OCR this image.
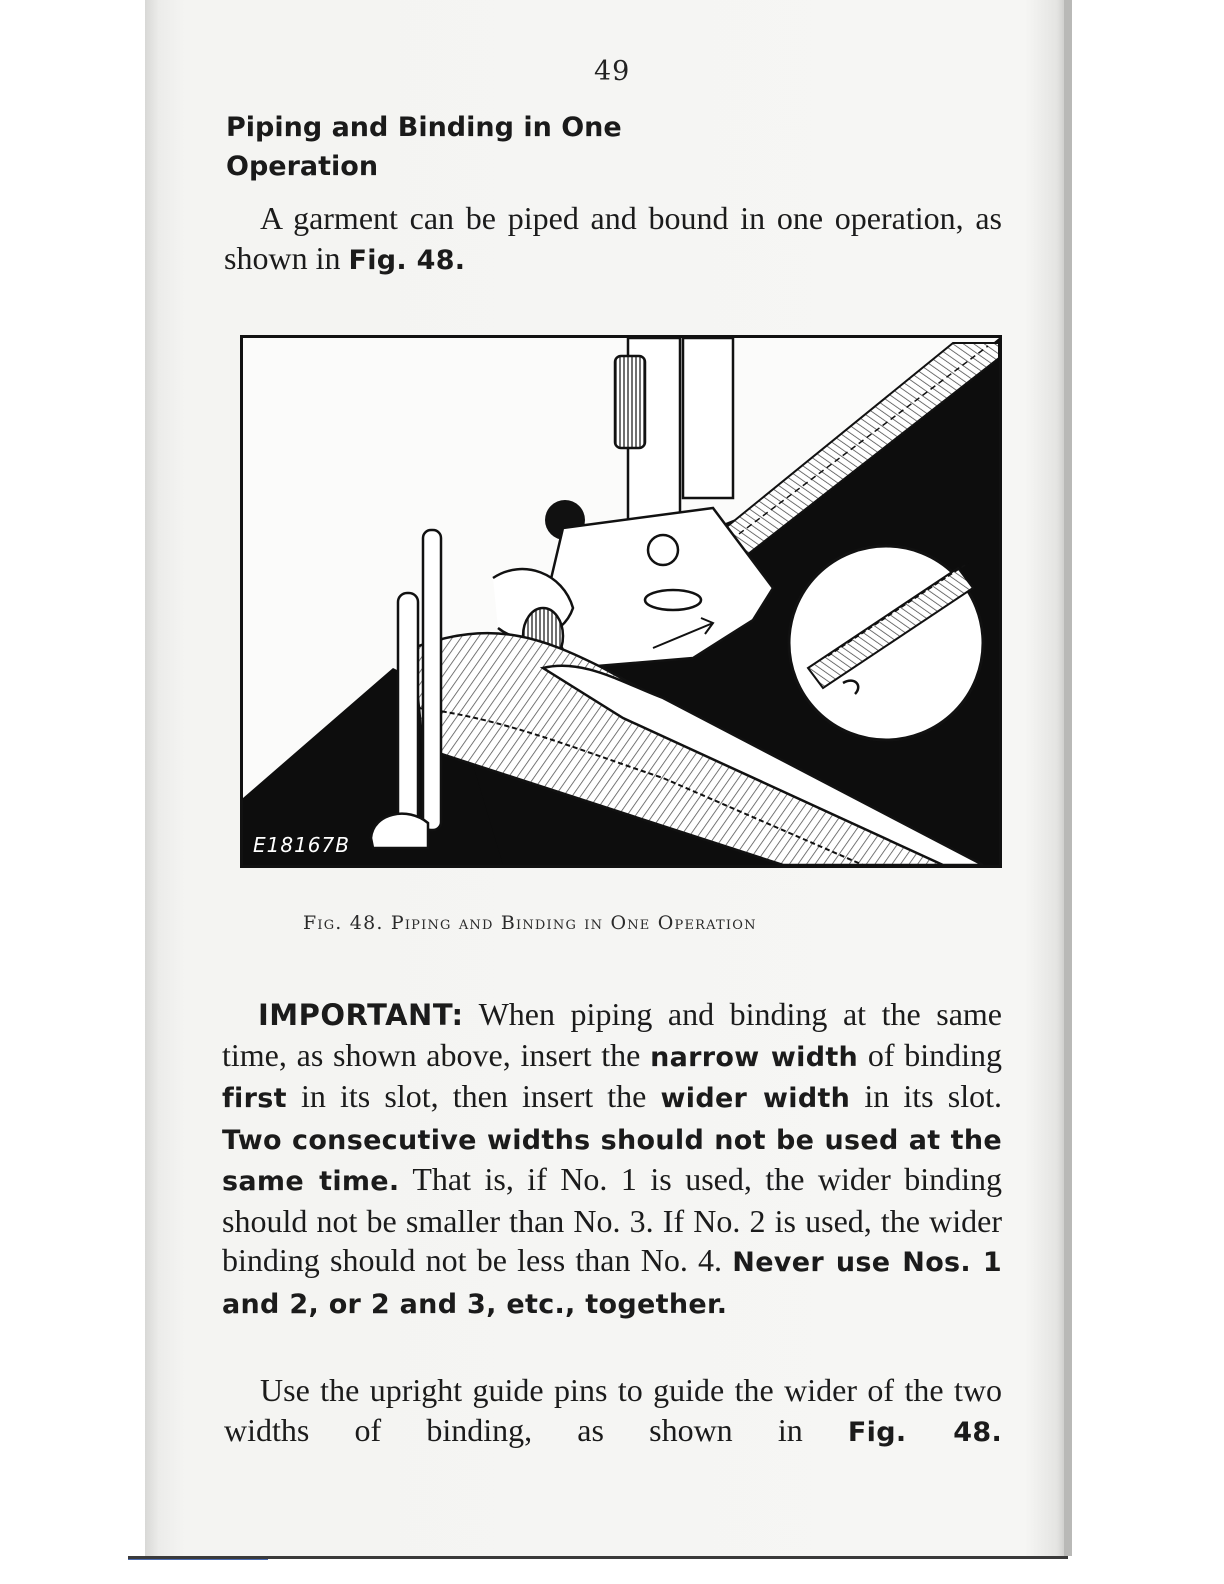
49
Piping and Binding in One Operation

A garment can be piped and bound in one operation, as shown in Fig. 48.

E18167B
Fig. 48. Piping and Binding in One Operation

IMPORTANT: When piping and binding at the same time, as shown above, insert the narrow width of binding first in its slot, then insert the wider width in its slot. Two consecutive widths should not be used at the same time. That is, if No. 1 is used, the wider binding should not be smaller than No. 3. If No. 2 is used, the wider binding should not be less than No. 4. Never use Nos. 1 and 2, or 2 and 3, etc., together.

Use the upright guide pins to guide the wider of the two widths of binding, as shown in Fig. 48.
